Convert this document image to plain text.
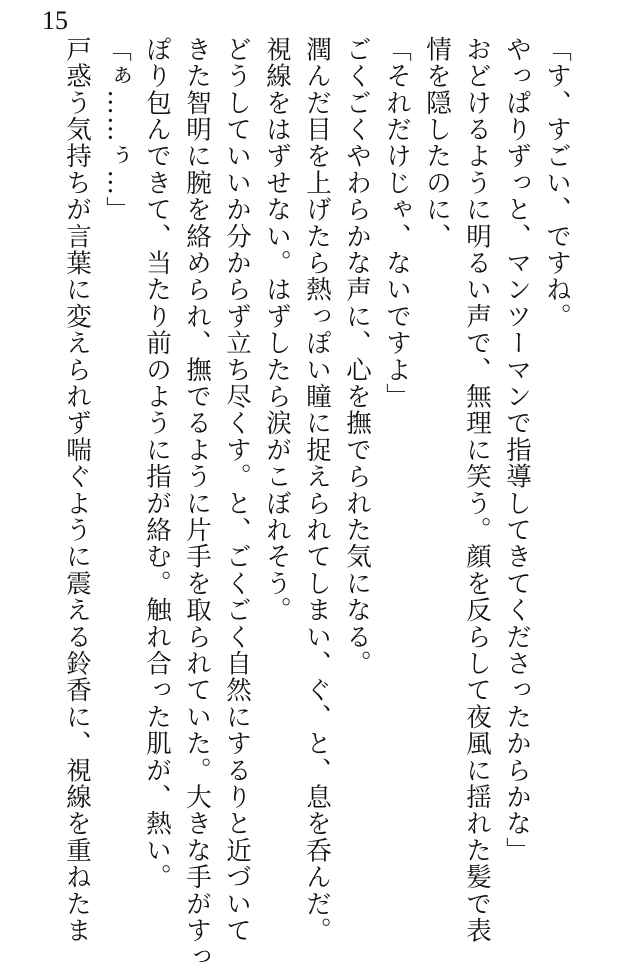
15

「す、すごい、ですね。

やっぱりずっと、マンツーマンで指導してきてくださったからかな」

おどけるように明るい声で、無理に笑う。顔を反らして夜風に揺れた髪で表

情を隠したのに、

「それだけじゃ、ないですよ」

ごくごくやわらかな声に、心を撫でられた気になる。

潤んだ目を上げたら熱っぽい瞳に捉えられてしまい、ぐ、と、息を呑んだ。

視線をはずせない。はずしたら涙がこぼれそう。

どうしていいか分からず立ち尽くす。と、ごくごく自然にするりと近づいて

きた智明に腕を絡められ、撫でるように片手を取られていた。大きな手がすっ

ぽり包んできて、当たり前のように指が絡む。触れ合った肌が、熱い。

「ぁ……ぅ…」

戸惑う気持ちが言葉に変えられず喘ぐように震える鈴香に、視線を重ねたま
